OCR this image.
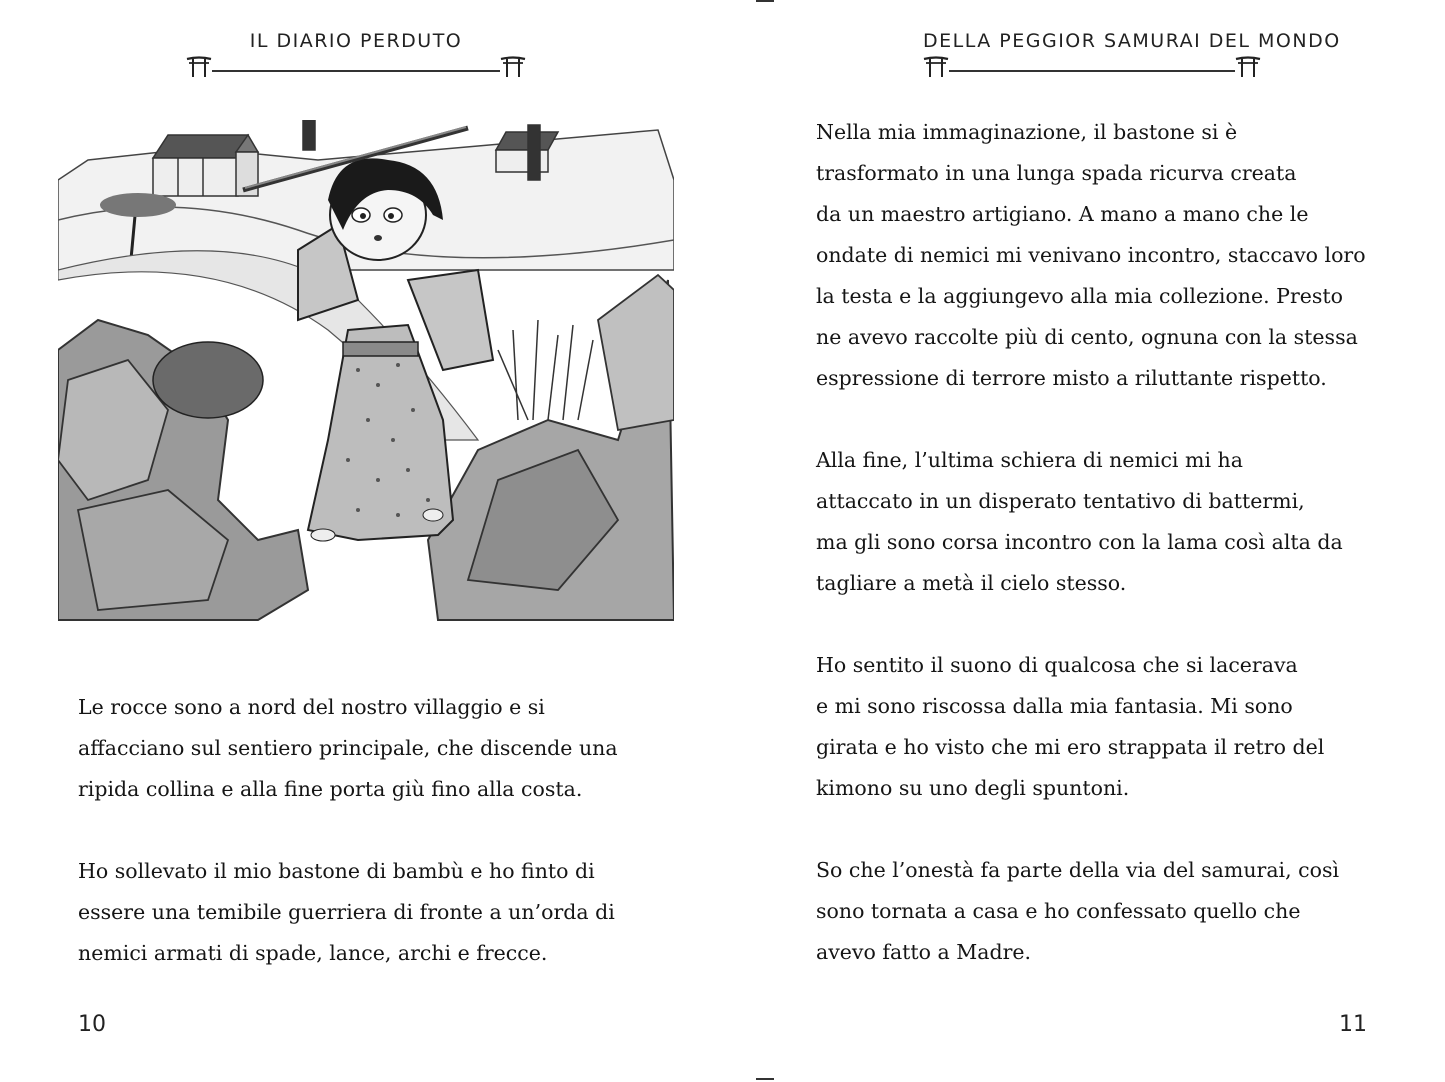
IL DIARIO PERDUTO

Le rocce sono a nord del nostro villaggio e si
affacciano sul sentiero principale, che discende una
ripida collina e alla fine porta giù fino alla costa.

Ho sollevato il mio bastone di bambù e ho finto di
essere una temibile guerriera di fronte a un’orda di
nemici armati di spade, lance, archi e frecce.

10
DELLA PEGGIOR SAMURAI DEL MONDO

Nella mia immaginazione, il bastone si è
trasformato in una lunga spada ricurva creata
da un maestro artigiano. A mano a mano che le
ondate di nemici mi venivano incontro, staccavo loro
la testa e la aggiungevo alla mia collezione. Presto
ne avevo raccolte più di cento, ognuna con la stessa
espressione di terrore misto a riluttante rispetto.

Alla fine, l’ultima schiera di nemici mi ha
attaccato in un disperato tentativo di battermi,
ma gli sono corsa incontro con la lama così alta da
tagliare a metà il cielo stesso.

Ho sentito il suono di qualcosa che si lacerava
e mi sono riscossa dalla mia fantasia. Mi sono
girata e ho visto che mi ero strappata il retro del
kimono su uno degli spuntoni.

So che l’onestà fa parte della via del samurai, così
sono tornata a casa e ho confessato quello che
avevo fatto a Madre.

11
